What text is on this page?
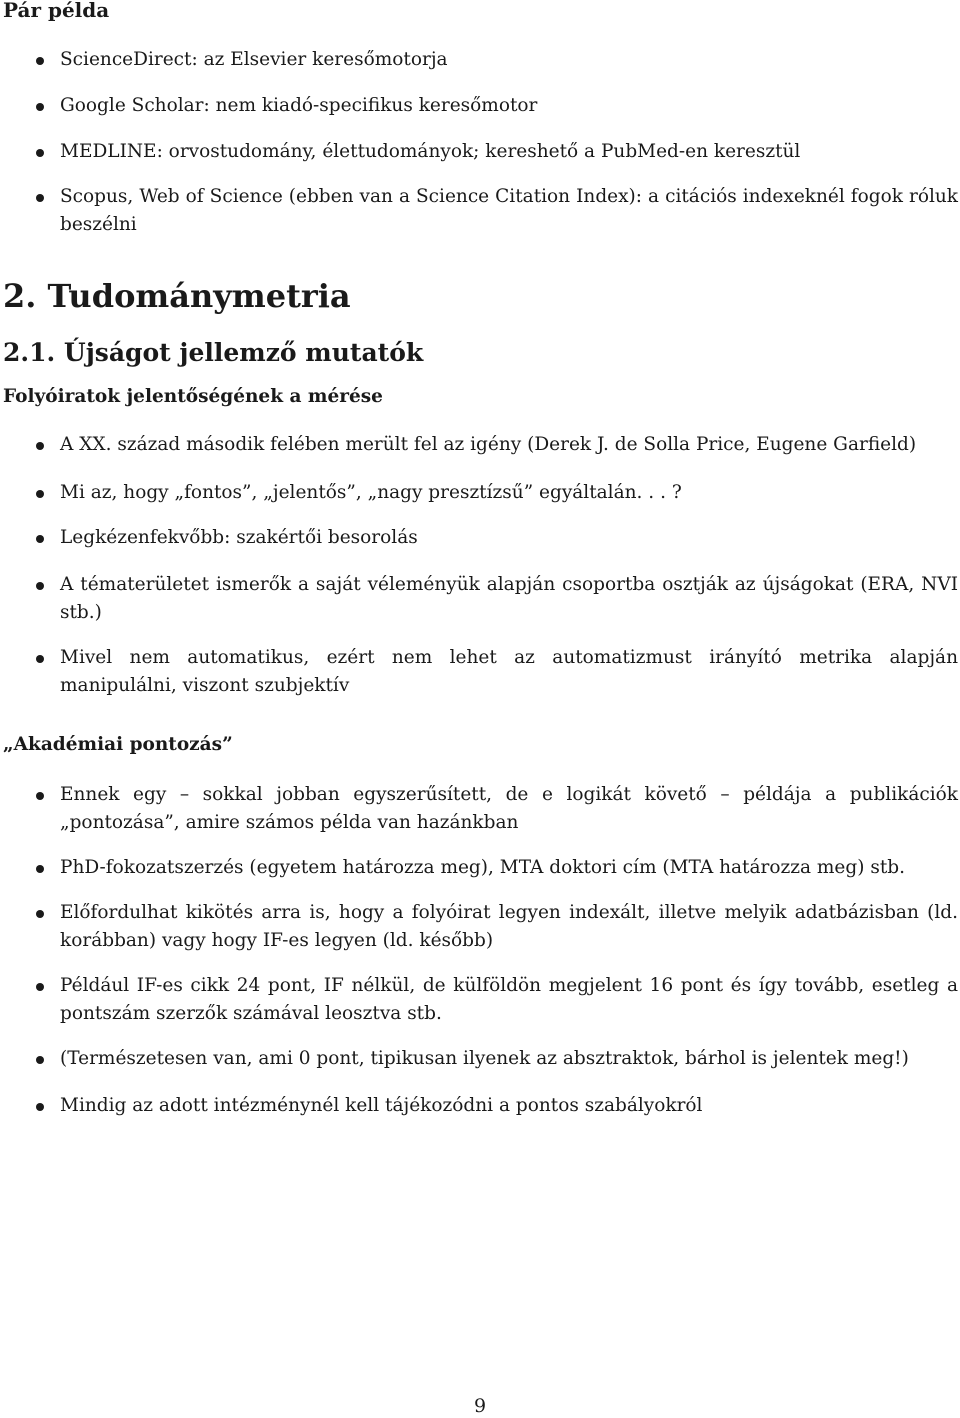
Pár példa
ScienceDirect: az Elsevier keresőmotorja
Google Scholar: nem kiadó-specifikus keresőmotor
MEDLINE: orvostudomány, élettudományok; kereshető a PubMed-en keresztül
Scopus, Web of Science (ebben van a Science Citation Index): a citációs indexeknél fogok róluk beszélni
2. Tudománymetria
2.1. Újságot jellemző mutatók
Folyóiratok jelentőségének a mérése
A XX. század második felében merült fel az igény (Derek J. de Solla Price, Eugene Garfield)
Mi az, hogy „fontos”, „jelentős”, „nagy presztízsű” egyáltalán. . . ?
Legkézenfekvőbb: szakértői besorolás
A tématerületet ismerők a saját véleményük alapján csoportba osztják az újságokat (ERA, NVI stb.)
Mivel nem automatikus, ezért nem lehet az automatizmust irányító metrika alapján manipulálni, viszont szubjektív
„Akadémiai pontozás”
Ennek egy – sokkal jobban egyszerűsített, de e logikát követő – példája a publikációk „pontozása”, amire számos példa van hazánkban
PhD-fokozatszerzés (egyetem határozza meg), MTA doktori cím (MTA határozza meg) stb.
Előfordulhat kikötés arra is, hogy a folyóirat legyen indexált, illetve melyik adatbázisban (ld. korábban) vagy hogy IF-es legyen (ld. később)
Például IF-es cikk 24 pont, IF nélkül, de külföldön megjelent 16 pont és így tovább, esetleg a pontszám szerzők számával leosztva stb.
(Természetesen van, ami 0 pont, tipikusan ilyenek az absztraktok, bárhol is jelentek meg!)
Mindig az adott intézménynél kell tájékozódni a pontos szabályokról
9
